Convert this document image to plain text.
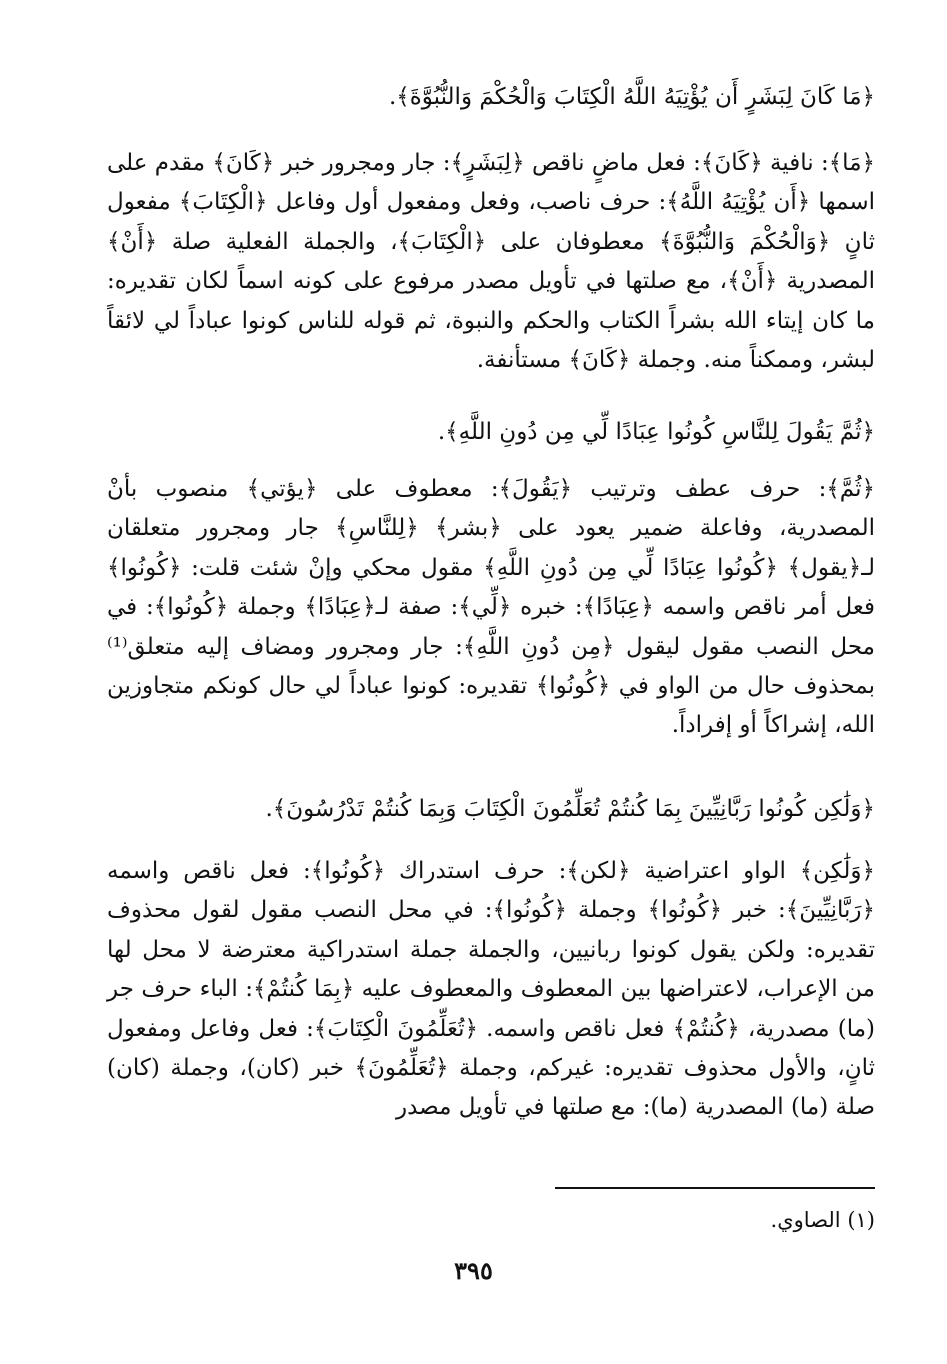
﴿مَا كَانَ لِبَشَرٍ أَن يُؤْتِيَهُ اللَّهُ الْكِتَابَ وَالْحُكْمَ وَالنُّبُوَّةَ﴾.

﴿مَا﴾: نافية ﴿كَانَ﴾: فعل ماضٍ ناقص ﴿لِبَشَرٍ﴾: جار ومجرور خبر ﴿كَانَ﴾ مقدم على اسمها ﴿أَن يُؤْتِيَهُ اللَّهُ﴾: حرف ناصب، وفعل ومفعول أول وفاعل ﴿الْكِتَابَ﴾ مفعول ثانٍ ﴿وَالْحُكْمَ وَالنُّبُوَّةَ﴾ معطوفان على ﴿الْكِتَابَ﴾، والجملة الفعلية صلة ﴿أَنْ﴾ المصدرية ﴿أَنْ﴾، مع صلتها في تأويل مصدر مرفوع على كونه اسماً لكان تقديره: ما كان إيتاء الله بشراً الكتاب والحكم والنبوة، ثم قوله للناس كونوا عباداً لي لائقاً لبشر، وممكناً منه. وجملة ﴿كَانَ﴾ مستأنفة.

﴿ثُمَّ يَقُولَ لِلنَّاسِ كُونُوا عِبَادًا لِّي مِن دُونِ اللَّهِ﴾.

﴿ثُمَّ﴾: حرف عطف وترتيب ﴿يَقُولَ﴾: معطوف على ﴿يؤتي﴾ منصوب بأنْ المصدرية، وفاعلة ضمير يعود على ﴿بشر﴾ ﴿لِلنَّاسِ﴾ جار ومجرور متعلقان لـ﴿يقول﴾ ﴿كُونُوا عِبَادًا لِّي مِن دُونِ اللَّهِ﴾ مقول محكي وإنْ شئت قلت: ﴿كُونُوا﴾ فعل أمر ناقص واسمه ﴿عِبَادًا﴾: خبره ﴿لِّي﴾: صفة لـ﴿عِبَادًا﴾ وجملة ﴿كُونُوا﴾: في محل النصب مقول ليقول ﴿مِن دُونِ اللَّهِ﴾: جار ومجرور ومضاف إليه متعلق⁽¹⁾ بمحذوف حال من الواو في ﴿كُونُوا﴾ تقديره: كونوا عباداً لي حال كونكم متجاوزين الله، إشراكاً أو إفراداً.

﴿وَلَٰكِن كُونُوا رَبَّانِيِّينَ بِمَا كُنتُمْ تُعَلِّمُونَ الْكِتَابَ وَبِمَا كُنتُمْ تَدْرُسُونَ﴾.

﴿وَلَٰكِن﴾ الواو اعتراضية ﴿لكن﴾: حرف استدراك ﴿كُونُوا﴾: فعل ناقص واسمه ﴿رَبَّانِيِّينَ﴾: خبر ﴿كُونُوا﴾ وجملة ﴿كُونُوا﴾: في محل النصب مقول لقول محذوف تقديره: ولكن يقول كونوا ربانيين، والجملة جملة استدراكية معترضة لا محل لها من الإعراب، لاعتراضها بين المعطوف والمعطوف عليه ﴿بِمَا كُنتُمْ﴾: الباء حرف جر (ما) مصدرية، ﴿كُنتُمْ﴾ فعل ناقص واسمه. ﴿تُعَلِّمُونَ الْكِتَابَ﴾: فعل وفاعل ومفعول ثانٍ، والأول محذوف تقديره: غيركم، وجملة ﴿تُعَلِّمُونَ﴾ خبر (كان)، وجملة (كان) صلة (ما) المصدرية (ما): مع صلتها في تأويل مصدر

(١) الصاوي.

٣٩٥
